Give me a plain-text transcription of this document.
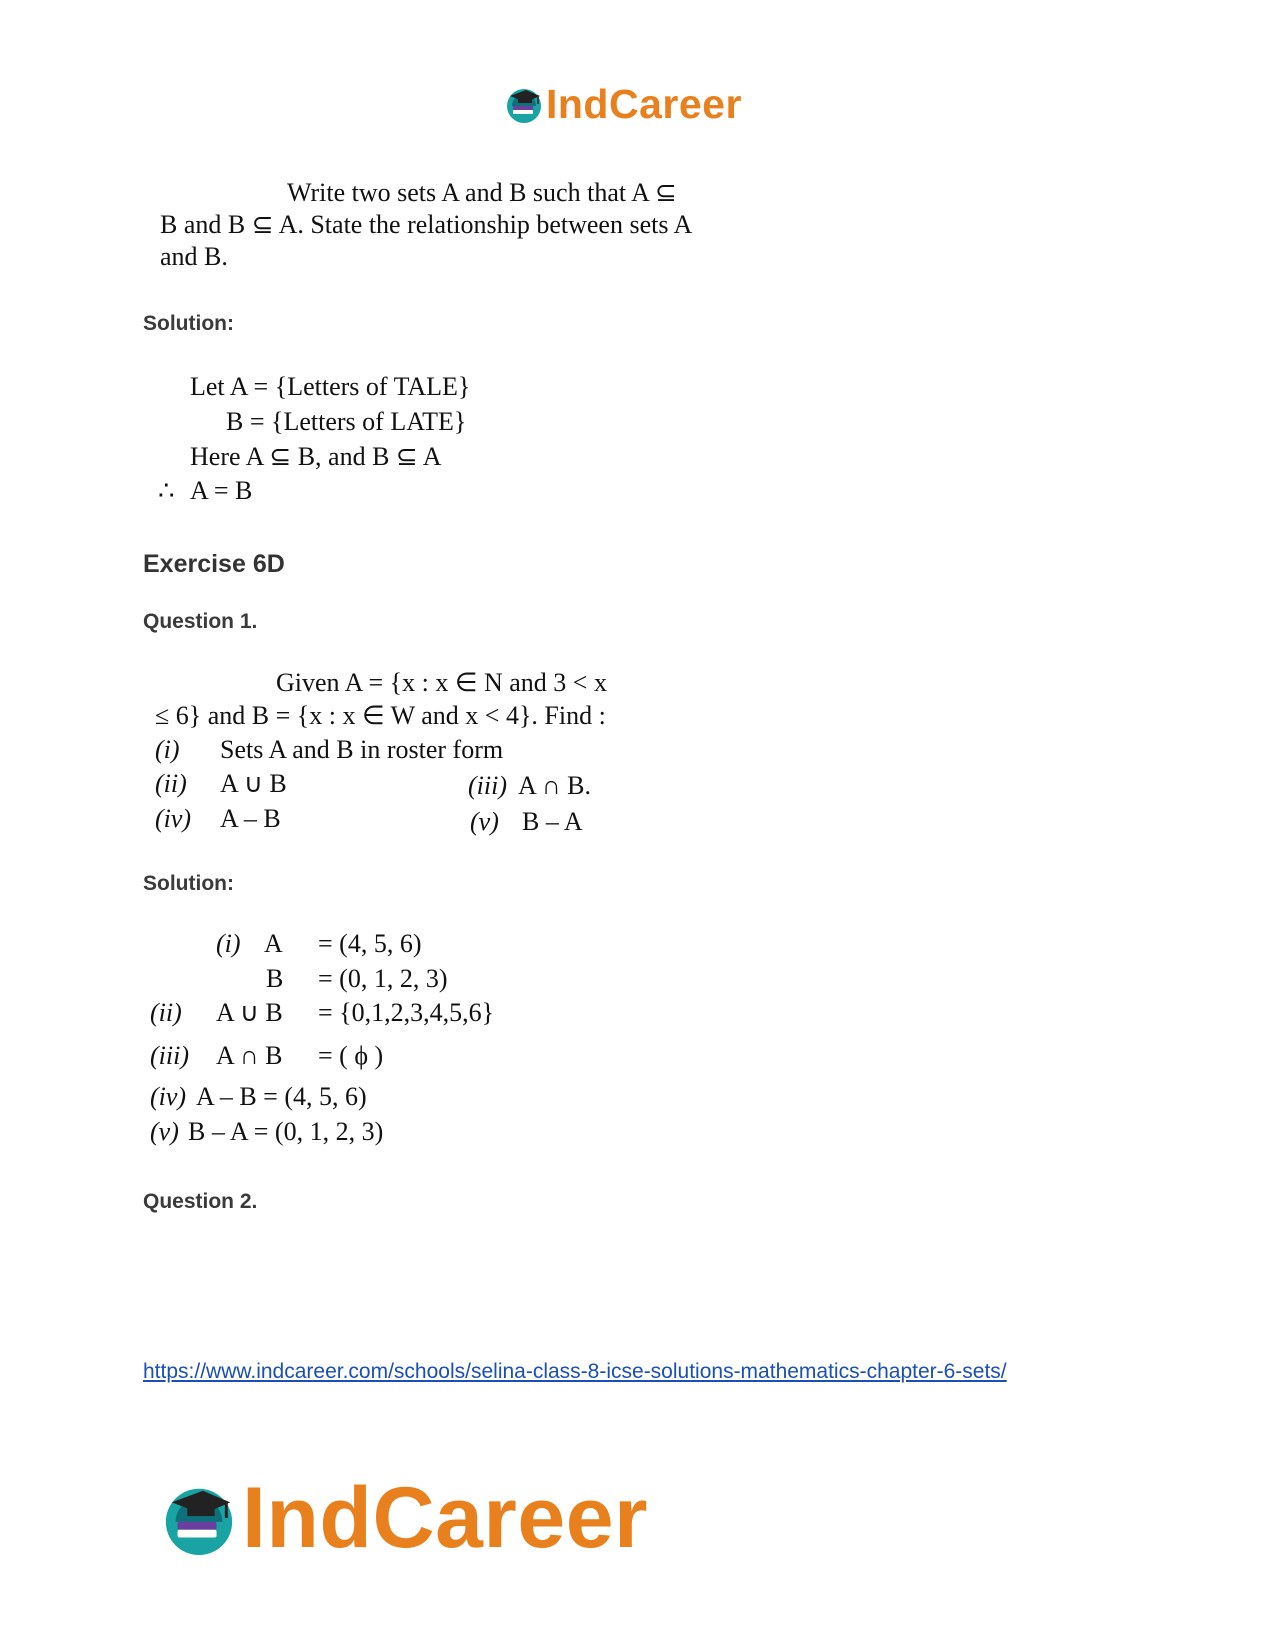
IndCareer
Write two sets A and B such that A ⊆
B and B ⊆ A. State the relationship between sets A
and B.
Solution:
Let A = {Letters of TALE}
B = {Letters of LATE}
Here A ⊆ B, and B ⊆ A
∴ A = B
Exercise 6D
Question 1.
Given A = {x : x ∈ N and 3 < x
≤ 6} and B = {x : x ∈ W and x < 4}. Find :
(i) Sets A and B in roster form
(ii) A ∪ B	(iii) A ∩ B.
(iv) A – B	(v) B – A
Solution:
(i) A = (4, 5, 6)
B = (0, 1, 2, 3)
(ii) A ∪ B = {0,1,2,3,4,5,6}
(iii) A ∩ B = ( ϕ )
(iv) A – B = (4, 5, 6)
(v) B – A = (0, 1, 2, 3)
Question 2.
https://www.indcareer.com/schools/selina-class-8-icse-solutions-mathematics-chapter-6-sets/
IndCareer
